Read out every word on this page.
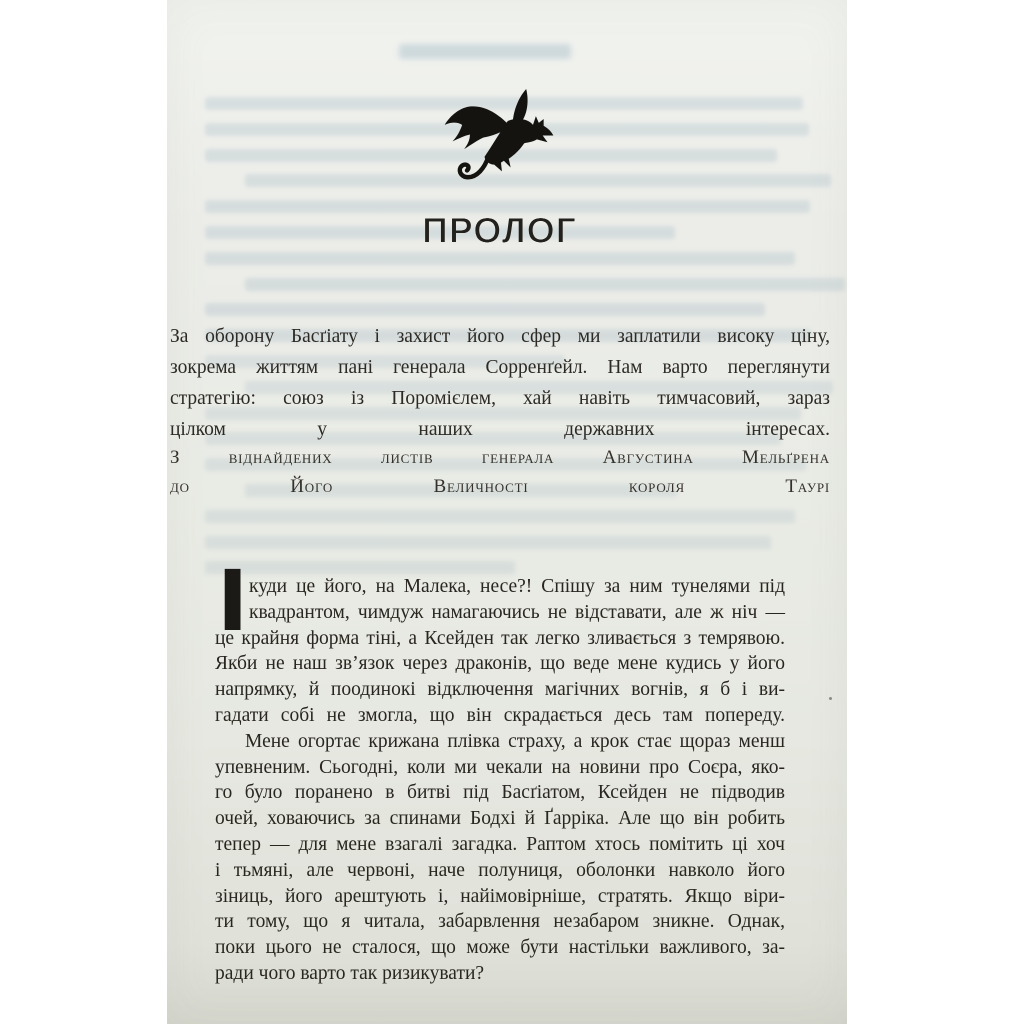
ПРОЛОГ
За оборону Басґіату і захист його сфер ми заплатили високу ціну,
зокрема життям пані генерала Сорренґейл. Нам варто переглянути
стратегію: союз із Поромієлем, хай навіть тимчасовий, зараз
цілком у наших державних інтересах.
З віднайдених листів генерала Августина Мельґрена
до Його Величності короля Таурі
І куди це його, на Малека, несе?! Спішу за ним тунелями під
квадрантом, чимдуж намагаючись не відставати, але ж ніч —
це крайня форма тіні, а Ксейден так легко зливається з темрявою.
Якби не наш зв’язок через драконів, що веде мене кудись у його
напрямку, й поодинокі відключення магічних вогнів, я б і ви-
гадати собі не змогла, що він скрадається десь там попереду.
Мене огортає крижана плівка страху, а крок стає щораз менш
упевненим. Сьогодні, коли ми чекали на новини про Соєра, яко-
го було поранено в битві під Басґіатом, Ксейден не підводив
очей, ховаючись за спинами Бодхі й Ґарріка. Але що він робить
тепер — для мене взагалі загадка. Раптом хтось помітить ці хоч
і тьмяні, але червоні, наче полуниця, оболонки навколо його
зіниць, його арештують і, найімовірніше, стратять. Якщо віри-
ти тому, що я читала, забарвлення незабаром зникне. Однак,
поки цього не сталося, що може бути настільки важливого, за-
ради чого варто так ризикувати?
